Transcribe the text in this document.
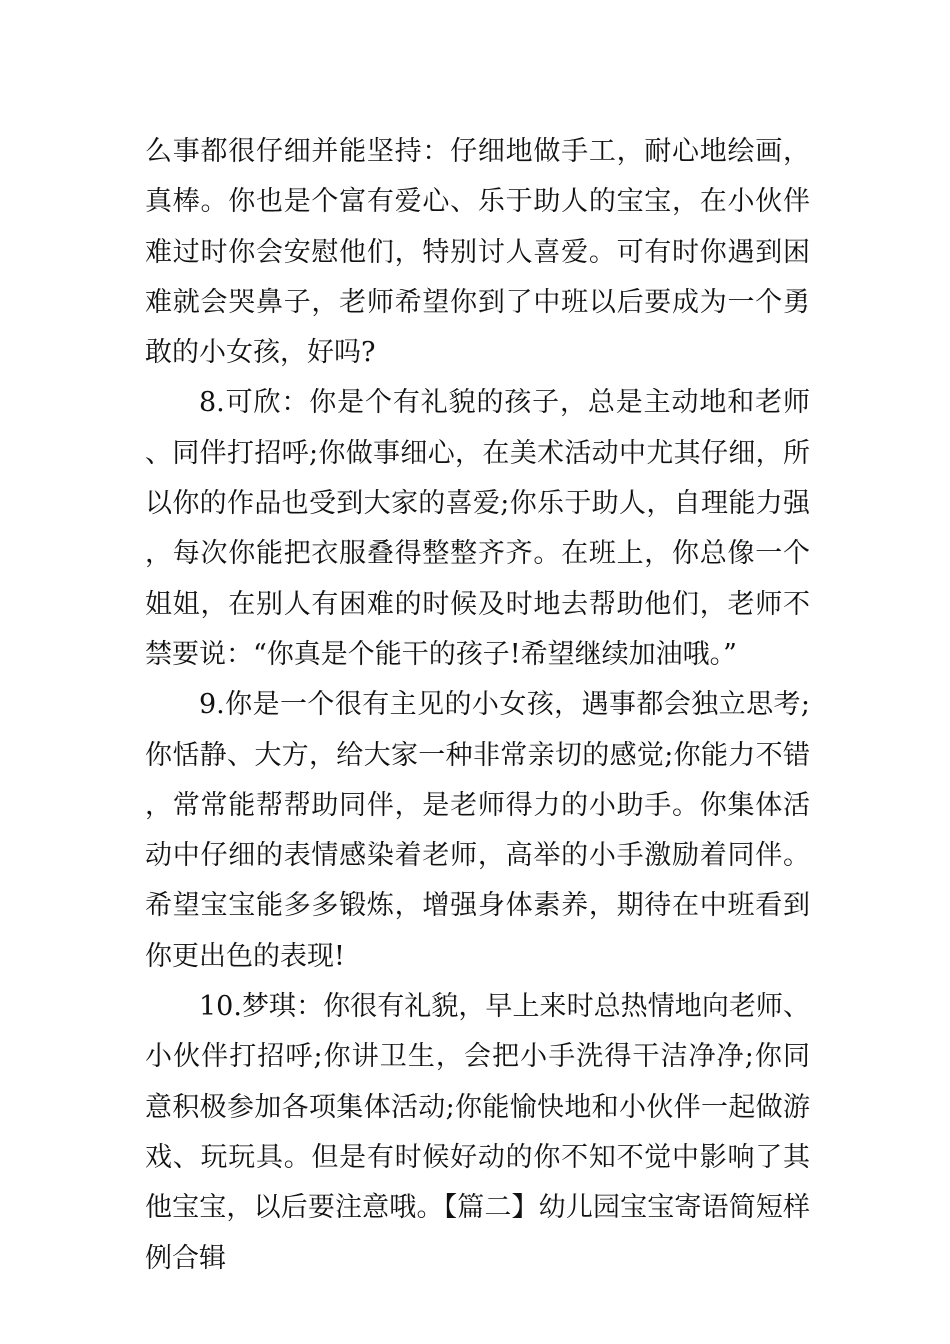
么事都很仔细并能坚持：仔细地做手工，耐心地绘画，真棒。你也是个富有爱心、乐于助人的宝宝，在小伙伴难过时你会安慰他们，特别讨人喜爱。可有时你遇到困难就会哭鼻子，老师希望你到了中班以后要成为一个勇敢的小女孩，好吗?

8.可欣：你是个有礼貌的孩子，总是主动地和老师、同伴打招呼;你做事细心，在美术活动中尤其仔细，所以你的作品也受到大家的喜爱;你乐于助人，自理能力强，每次你能把衣服叠得整整齐齐。在班上，你总像一个姐姐，在别人有困难的时候及时地去帮助他们，老师不禁要说：“你真是个能干的孩子!希望继续加油哦。”

9.你是一个很有主见的小女孩，遇事都会独立思考;你恬静、大方，给大家一种非常亲切的感觉;你能力不错，常常能帮帮助同伴，是老师得力的小助手。你集体活动中仔细的表情感染着老师，高举的小手激励着同伴。希望宝宝能多多锻炼，增强身体素养，期待在中班看到你更出色的表现!

10.梦琪：你很有礼貌，早上来时总热情地向老师、小伙伴打招呼;你讲卫生，会把小手洗得干洁净净;你同意积极参加各项集体活动;你能愉快地和小伙伴一起做游戏、玩玩具。但是有时候好动的你不知不觉中影响了其他宝宝，以后要注意哦。【篇二】幼儿园宝宝寄语简短样例合辑
